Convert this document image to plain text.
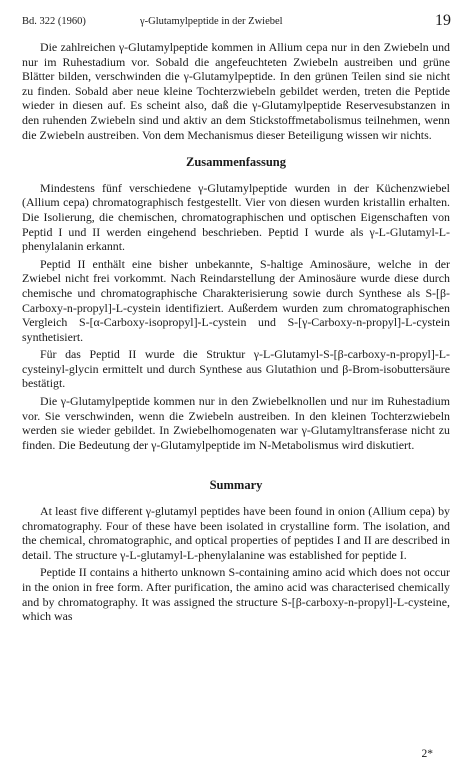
Bd. 322 (1960)	γ-Glutamylpeptide in der Zwiebel	19

Die zahlreichen γ-Glutamylpeptide kommen in Allium cepa nur in den Zwiebeln und nur im Ruhestadium vor. Sobald die angefeuchteten Zwiebeln austreiben und grüne Blätter bilden, verschwinden die γ-Glutamylpeptide. In den grünen Teilen sind sie nicht zu finden. Sobald aber neue kleine Tochterzwiebeln gebildet werden, treten die Peptide wieder in diesen auf. Es scheint also, daß die γ-Glutamylpeptide Reservesubstanzen in den ruhenden Zwiebeln sind und aktiv an dem Stickstoffmetabolismus teilnehmen, wenn die Zwiebeln austreiben. Von dem Mechanismus dieser Beteiligung wissen wir nichts.

Zusammenfassung

Mindestens fünf verschiedene γ-Glutamylpeptide wurden in der Küchenzwiebel (Allium cepa) chromatographisch festgestellt. Vier von diesen wurden kristallin erhalten. Die Isolierung, die chemischen, chromatographischen und optischen Eigenschaften von Peptid I und II werden eingehend beschrieben. Peptid I wurde als γ-L-Glutamyl-L-phenylalanin erkannt.

Peptid II enthält eine bisher unbekannte, S-haltige Aminosäure, welche in der Zwiebel nicht frei vorkommt. Nach Reindarstellung der Aminosäure wurde diese durch chemische und chromatographische Charakterisierung sowie durch Synthese als S-[β-Carboxy-n-propyl]-L-cystein identifiziert. Außerdem wurden zum chromatographischen Vergleich S-[α-Carboxy-isopropyl]-L-cystein und S-[γ-Carboxy-n-propyl]-L-cystein synthetisiert.

Für das Peptid II wurde die Struktur γ-L-Glutamyl-S-[β-carboxy-n-propyl]-L-cysteinyl-glycin ermittelt und durch Synthese aus Glutathion und β-Brom-isobuttersäure bestätigt.

Die γ-Glutamylpeptide kommen nur in den Zwiebelknollen und nur im Ruhestadium vor. Sie verschwinden, wenn die Zwiebeln austreiben. In den kleinen Tochterzwiebeln werden sie wieder gebildet. In Zwiebelhomogenaten war γ-Glutamyltransferase nicht zu finden. Die Bedeutung der γ-Glutamylpeptide im N-Metabolismus wird diskutiert.

Summary

At least five different γ-glutamyl peptides have been found in onion (Allium cepa) by chromatography. Four of these have been isolated in crystalline form. The isolation, and the chemical, chromatographic, and optical properties of peptides I and II are described in detail. The structure γ-L-glutamyl-L-phenylalanine was established for peptide I.

Peptide II contains a hitherto unknown S-containing amino acid which does not occur in the onion in free form. After purification, the amino acid was characterised chemically and by chromatography. It was assigned the structure S-[β-carboxy-n-propyl]-L-cysteine, which was

2*
